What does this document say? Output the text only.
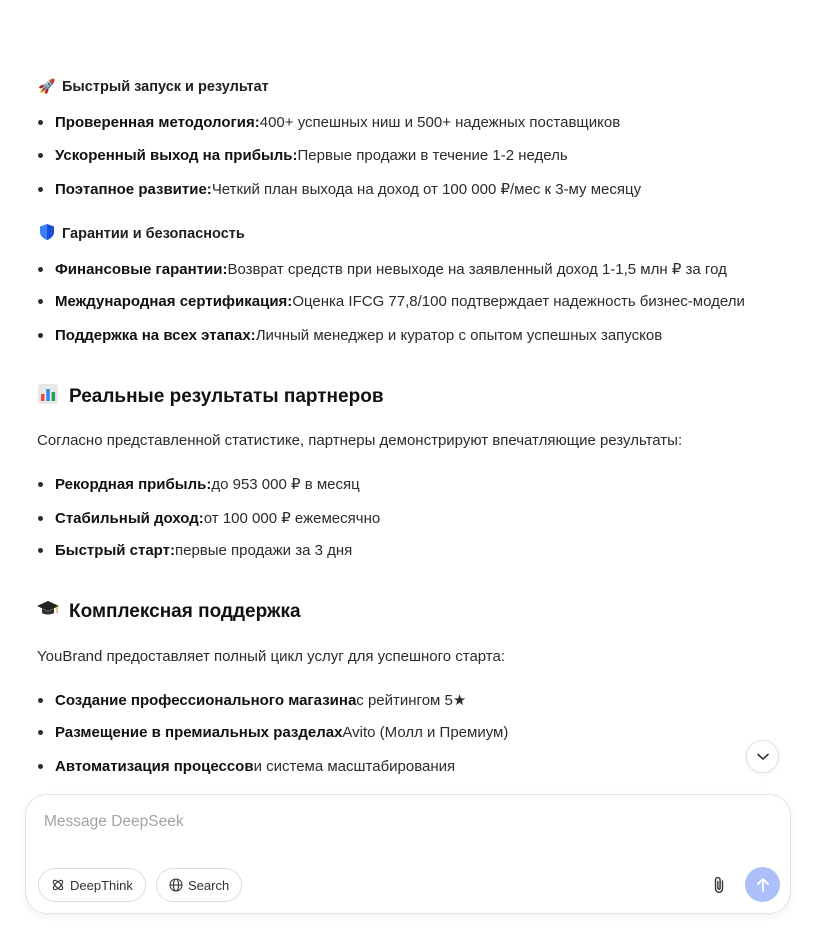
🚀 Быстрый запуск и результат
Проверенная методология: 400+ успешных ниш и 500+ надежных поставщиков
Ускоренный выход на прибыль: Первые продажи в течение 1-2 недель
Поэтапное развитие: Четкий план выхода на доход от 100 000 ₽/мес к 3-му месяцу
Гарантии и безопасность
Финансовые гарантии: Возврат средств при невыходе на заявленный доход 1-1,5 млн ₽ за год
Международная сертификация: Оценка IFCG 77,8/100 подтверждает надежность бизнес-модели
Поддержка на всех этапах: Личный менеджер и куратор с опытом успешных запусков
Реальные результаты партнеров
Согласно представленной статистике, партнеры демонстрируют впечатляющие результаты:
Рекордная прибыль: до 953 000 ₽ в месяц
Стабильный доход: от 100 000 ₽ ежемесячно
Быстрый старт: первые продажи за 3 дня
Комплексная поддержка
YouBrand предоставляет полный цикл услуг для успешного старта:
Создание профессионального магазина с рейтингом 5★
Размещение в премиальных разделах Avito (Молл и Премиум)
Автоматизация процессов и система масштабирования
Message DeepSeek
DeepThink	Search
